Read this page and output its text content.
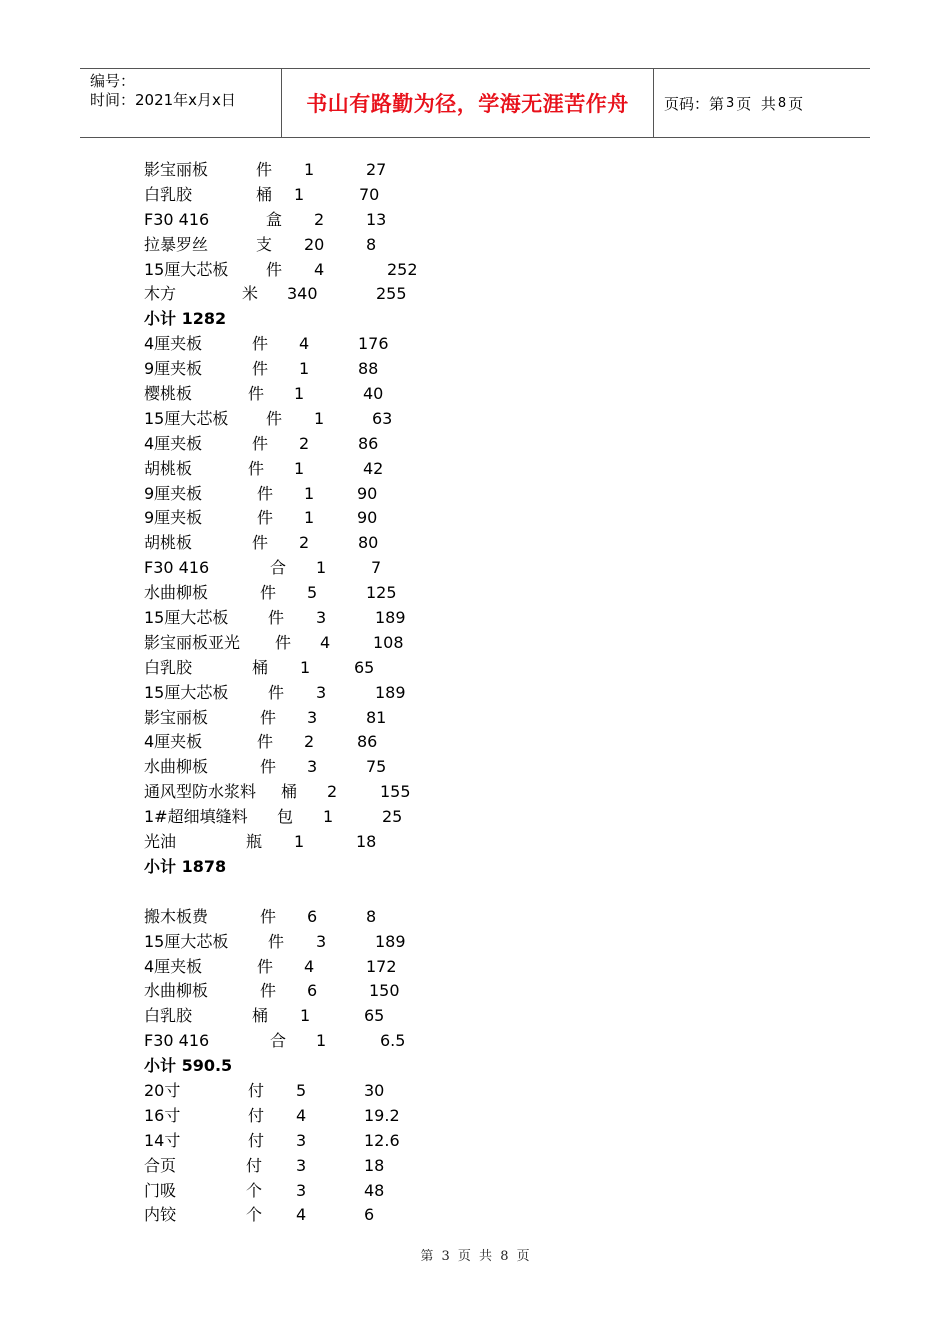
编号：
时间：2021年x月x日	书山有路勤为径，学海无涯苦作舟 页码：第 3 页  共 8 页
影宝丽板	件 1	27
白乳胶	桶 1	70
F30 416	盒 2	13
拉暴罗丝	支 20	8
15厘大芯板 件 4	252
木方	米 340	255
小计 1282
4厘夹板	件 4	176
9厘夹板	件 1	88
樱桃板	件 1	40
15厘大芯板 件 1	63
4厘夹板	件 2	86
胡桃板	件 1	42
9厘夹板	件 1	90
9厘夹板	件 1	90
胡桃板	件 2	80
F30 416	合 1	7
水曲柳板	件 5	125
15厘大芯板 件 3	189
影宝丽板亚光 件 4	108
白乳胶	桶 1	65
15厘大芯板 件 3	189
影宝丽板	件 3	81
4厘夹板	件 2	86
水曲柳板	件 3	75
通风型防水浆料 桶 2	155
1#超细填缝料 包 1	25
光油	瓶 1	18
小计 1878
搬木板费	件 6	8
15厘大芯板 件 3	189
4厘夹板	件 4	172
水曲柳板	件 6	150
白乳胶	桶 1	65
F30 416	合 1	6.5
小计 590.5
20寸	付 5	30
16寸	付 4	19.2
14寸	付 3	12.6
合页	付 3	18
门吸	个 3	48
内铰	个 4	6
第 3 页 共 8 页
